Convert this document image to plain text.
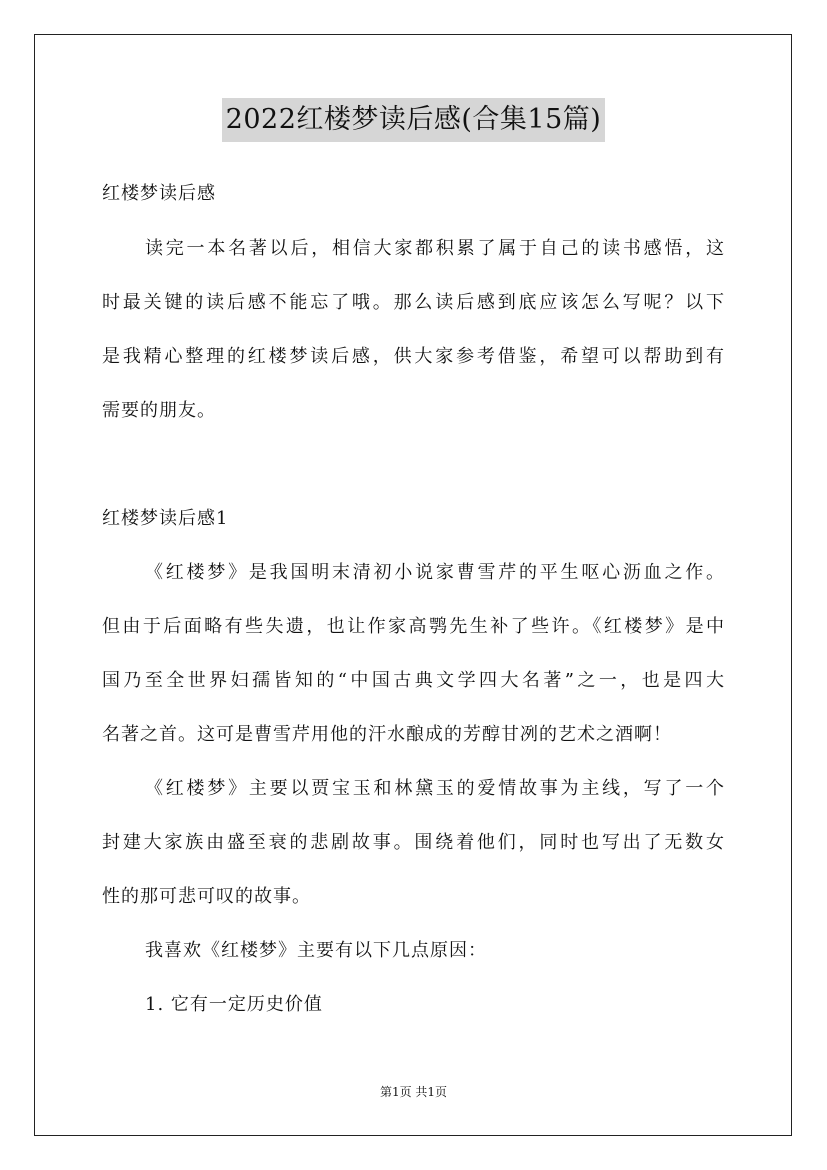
2022红楼梦读后感(合集15篇)
红楼梦读后感
读完一本名著以后，相信大家都积累了属于自己的读书感悟，这
时最关键的读后感不能忘了哦。那么读后感到底应该怎么写呢？以下
是我精心整理的红楼梦读后感，供大家参考借鉴，希望可以帮助到有
需要的朋友。
红楼梦读后感1
《红楼梦》是我国明末清初小说家曹雪芹的平生呕心沥血之作。
但由于后面略有些失遗，也让作家高鹗先生补了些许。《红楼梦》是中
国乃至全世界妇孺皆知的“中国古典文学四大名著”之一，也是四大
名著之首。这可是曹雪芹用他的汗水酿成的芳醇甘冽的艺术之酒啊！
《红楼梦》主要以贾宝玉和林黛玉的爱情故事为主线，写了一个
封建大家族由盛至衰的悲剧故事。围绕着他们，同时也写出了无数女
性的那可悲可叹的故事。
我喜欢《红楼梦》主要有以下几点原因：
1. 它有一定历史价值
第1页 共1页
